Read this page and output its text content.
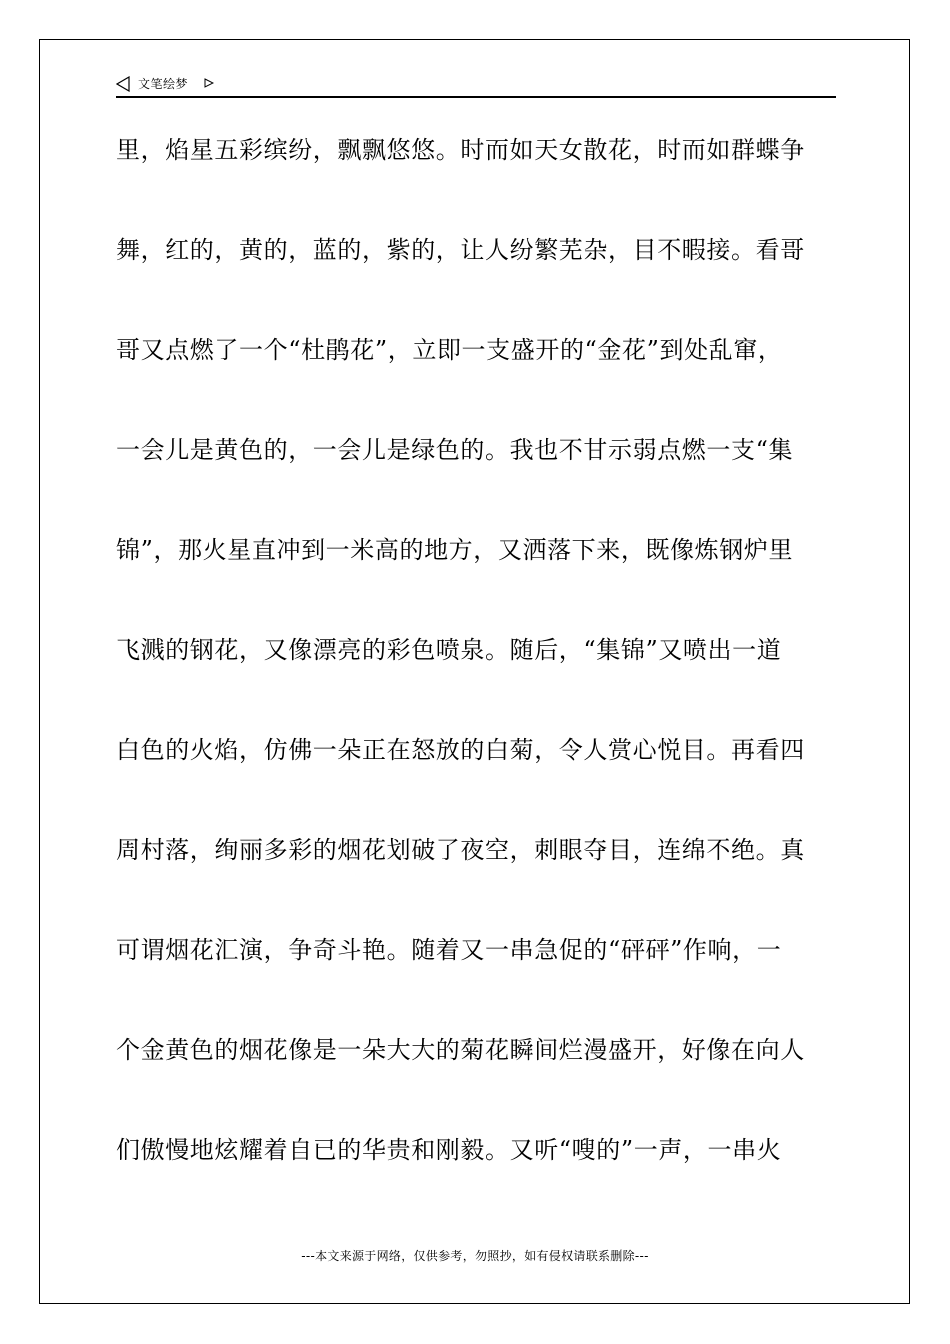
文笔绘梦
里，焰星五彩缤纷，飘飘悠悠。时而如天女散花，时而如群蝶争
舞，红的，黄的，蓝的，紫的，让人纷繁芜杂，目不暇接。看哥
哥又点燃了一个“杜鹃花”，立即一支盛开的“金花”到处乱窜，
一会儿是黄色的，一会儿是绿色的。我也不甘示弱点燃一支“集
锦”，那火星直冲到一米高的地方，又洒落下来，既像炼钢炉里
飞溅的钢花，又像漂亮的彩色喷泉。随后，“集锦”又喷出一道
白色的火焰，仿佛一朵正在怒放的白菊，令人赏心悦目。再看四
周村落，绚丽多彩的烟花划破了夜空，刺眼夺目，连绵不绝。真
可谓烟花汇演，争奇斗艳。随着又一串急促的“砰砰”作响，一
个金黄色的烟花像是一朵大大的菊花瞬间烂漫盛开，好像在向人
们傲慢地炫耀着自已的华贵和刚毅。又听“嗖的”一声，一串火
---本文来源于网络，仅供参考，勿照抄，如有侵权请联系删除---
